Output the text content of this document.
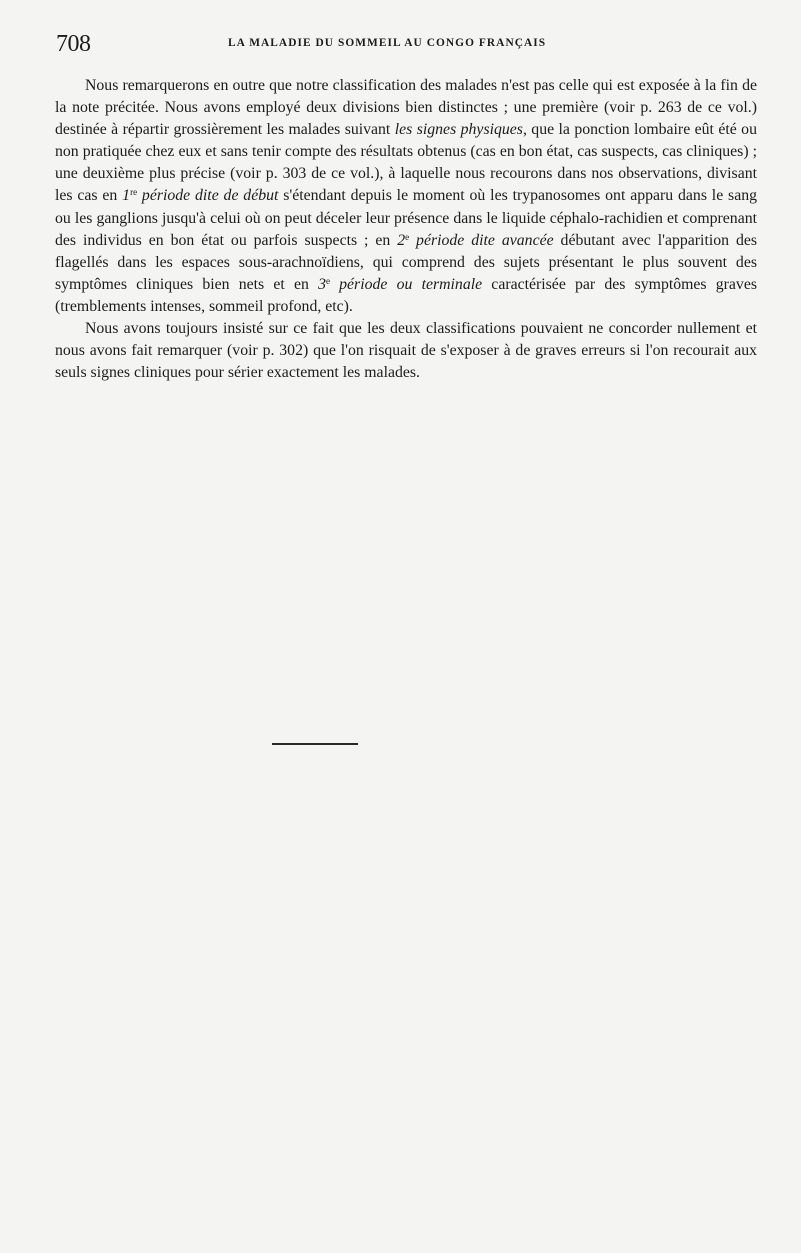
708	LA MALADIE DU SOMMEIL AU CONGO FRANÇAIS

Nous remarquerons en outre que notre classification des malades n'est pas celle qui est exposée à la fin de la note précitée. Nous avons employé deux divisions bien distinctes ; une première (voir p. 263 de ce vol.) destinée à répartir grossièrement les malades suivant les signes physiques, que la ponction lombaire eût été ou non pratiquée chez eux et sans tenir compte des résultats obtenus (cas en bon état, cas suspects, cas cliniques) ; une deuxième plus précise (voir p. 303 de ce vol.), à laquelle nous recourons dans nos observations, divisant les cas en 1re période dite de début s'étendant depuis le moment où les trypanosomes ont apparu dans le sang ou les ganglions jusqu'à celui où on peut déceler leur présence dans le liquide céphalo-rachidien et comprenant des individus en bon état ou parfois suspects ; en 2e période dite avancée débutant avec l'apparition des flagellés dans les espaces sous-arachnoïdiens, qui comprend des sujets présentant le plus souvent des symptômes cliniques bien nets et en 3e période ou terminale caractérisée par des symptômes graves (tremblements intenses, sommeil profond, etc).

Nous avons toujours insisté sur ce fait que les deux classifications pouvaient ne concorder nullement et nous avons fait remarquer (voir p. 302) que l'on risquait de s'exposer à de graves erreurs si l'on recourait aux seuls signes cliniques pour sérier exactement les malades.
